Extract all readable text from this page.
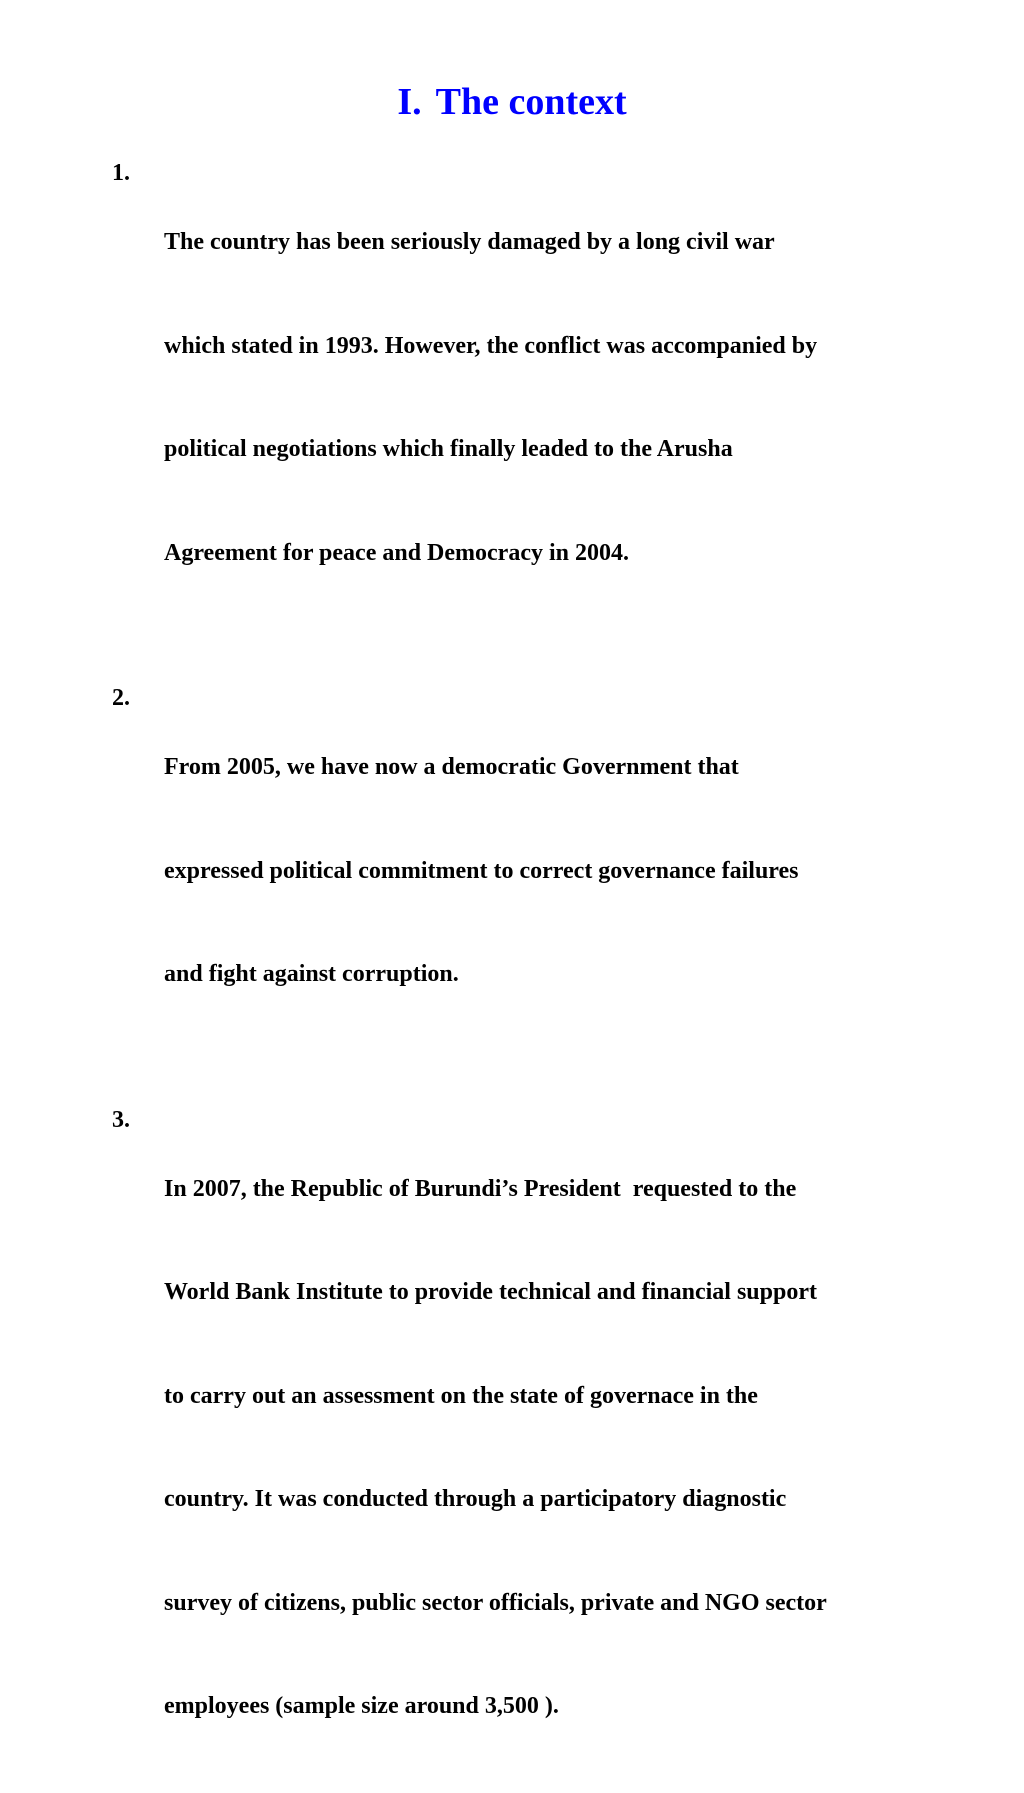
I. The context
1.

The country has been seriously damaged by a long civil war

which stated in 1993. However, the conflict was accompanied by

political negotiations which finally leaded to the Arusha

Agreement for peace and Democracy in 2004.

2.

From 2005, we have now a democratic Government that

expressed political commitment to correct governance failures

and fight against corruption.

3.

In 2007, the Republic of Burundi’s President  requested to the

World Bank Institute to provide technical and financial support

to carry out an assessment on the state of governace in the

country. It was conducted through a participatory diagnostic

survey of citizens, public sector officials, private and NGO sector

employees (sample size around 3,500 ).
